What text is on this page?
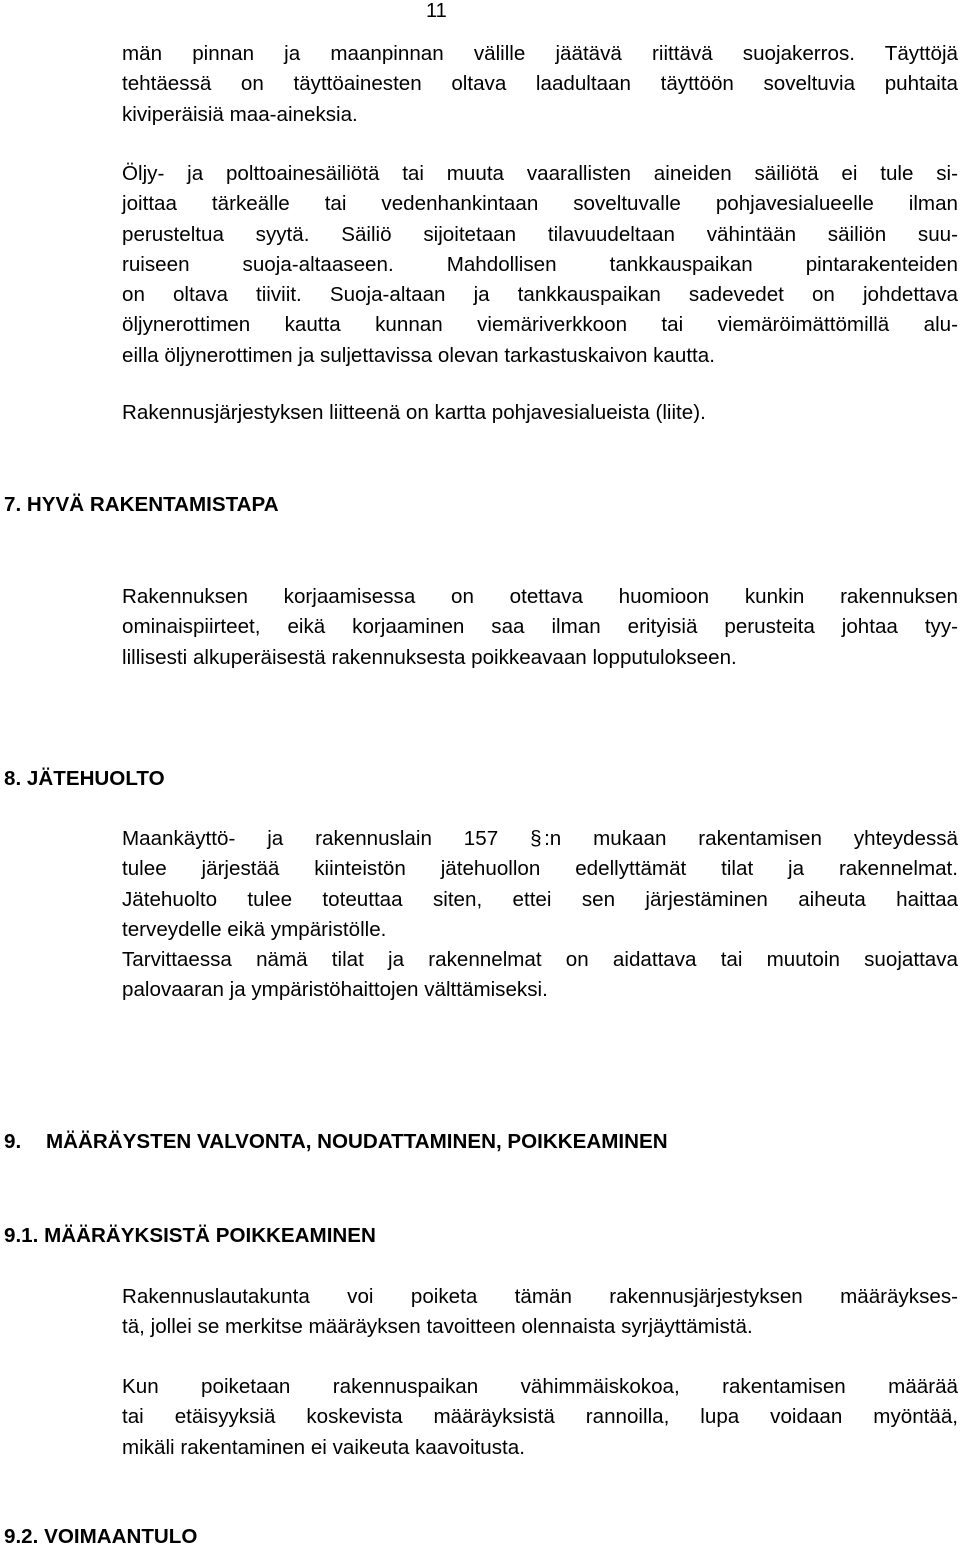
11
män pinnan ja maanpinnan välille jäätävä riittävä suojakerros. Täyttöjä
tehtäessä on täyttöainesten oltava laadultaan täyttöön soveltuvia puhtaita
kiviperäisiä maa-aineksia.
Öljy- ja polttoainesäiliötä tai muuta vaarallisten aineiden säiliötä ei tule si-
joittaa tärkeälle tai vedenhankintaan soveltuvalle pohjavesialueelle ilman
perusteltua syytä. Säiliö sijoitetaan tilavuudeltaan vähintään säiliön suu-
ruiseen suoja-altaaseen. Mahdollisen tankkauspaikan pintarakenteiden
on oltava tiiviit. Suoja-altaan ja tankkauspaikan sadevedet on johdettava
öljynerottimen kautta kunnan viemäriverkkoon tai viemäröimättömillä alu-
eilla öljynerottimen ja suljettavissa olevan tarkastuskaivon kautta.
Rakennusjärjestyksen liitteenä on kartta pohjavesialueista (liite).
7. HYVÄ RAKENTAMISTAPA
Rakennuksen korjaamisessa on otettava huomioon kunkin rakennuksen
ominaispiirteet, eikä korjaaminen saa ilman erityisiä perusteita johtaa tyy-
lillisesti alkuperäisestä rakennuksesta poikkeavaan lopputulokseen.
8. JÄTEHUOLTO
Maankäyttö- ja rakennuslain 157 § :n mukaan rakentamisen yhteydessä
tulee järjestää kiinteistön jätehuollon edellyttämät tilat ja rakennelmat.
Jätehuolto tulee toteuttaa siten, ettei sen järjestäminen aiheuta haittaa
terveydelle eikä ympäristölle.
Tarvittaessa nämä tilat ja rakennelmat on aidattava tai muutoin suojattava
palovaaran ja ympäristöhaittojen välttämiseksi.
9. MÄÄRÄYSTEN VALVONTA, NOUDATTAMINEN, POIKKEAMINEN
9.1. MÄÄRÄYKSISTÄ POIKKEAMINEN
Rakennuslautakunta voi poiketa tämän rakennusjärjestyksen määräykses-
tä, jollei se merkitse määräyksen tavoitteen olennaista syrjäyttämistä.
Kun poiketaan rakennuspaikan vähimmäiskokoa, rakentamisen määrää
tai etäisyyksiä koskevista määräyksistä rannoilla, lupa voidaan myöntää,
mikäli rakentaminen ei vaikeuta kaavoitusta.
9.2. VOIMAANTULO
